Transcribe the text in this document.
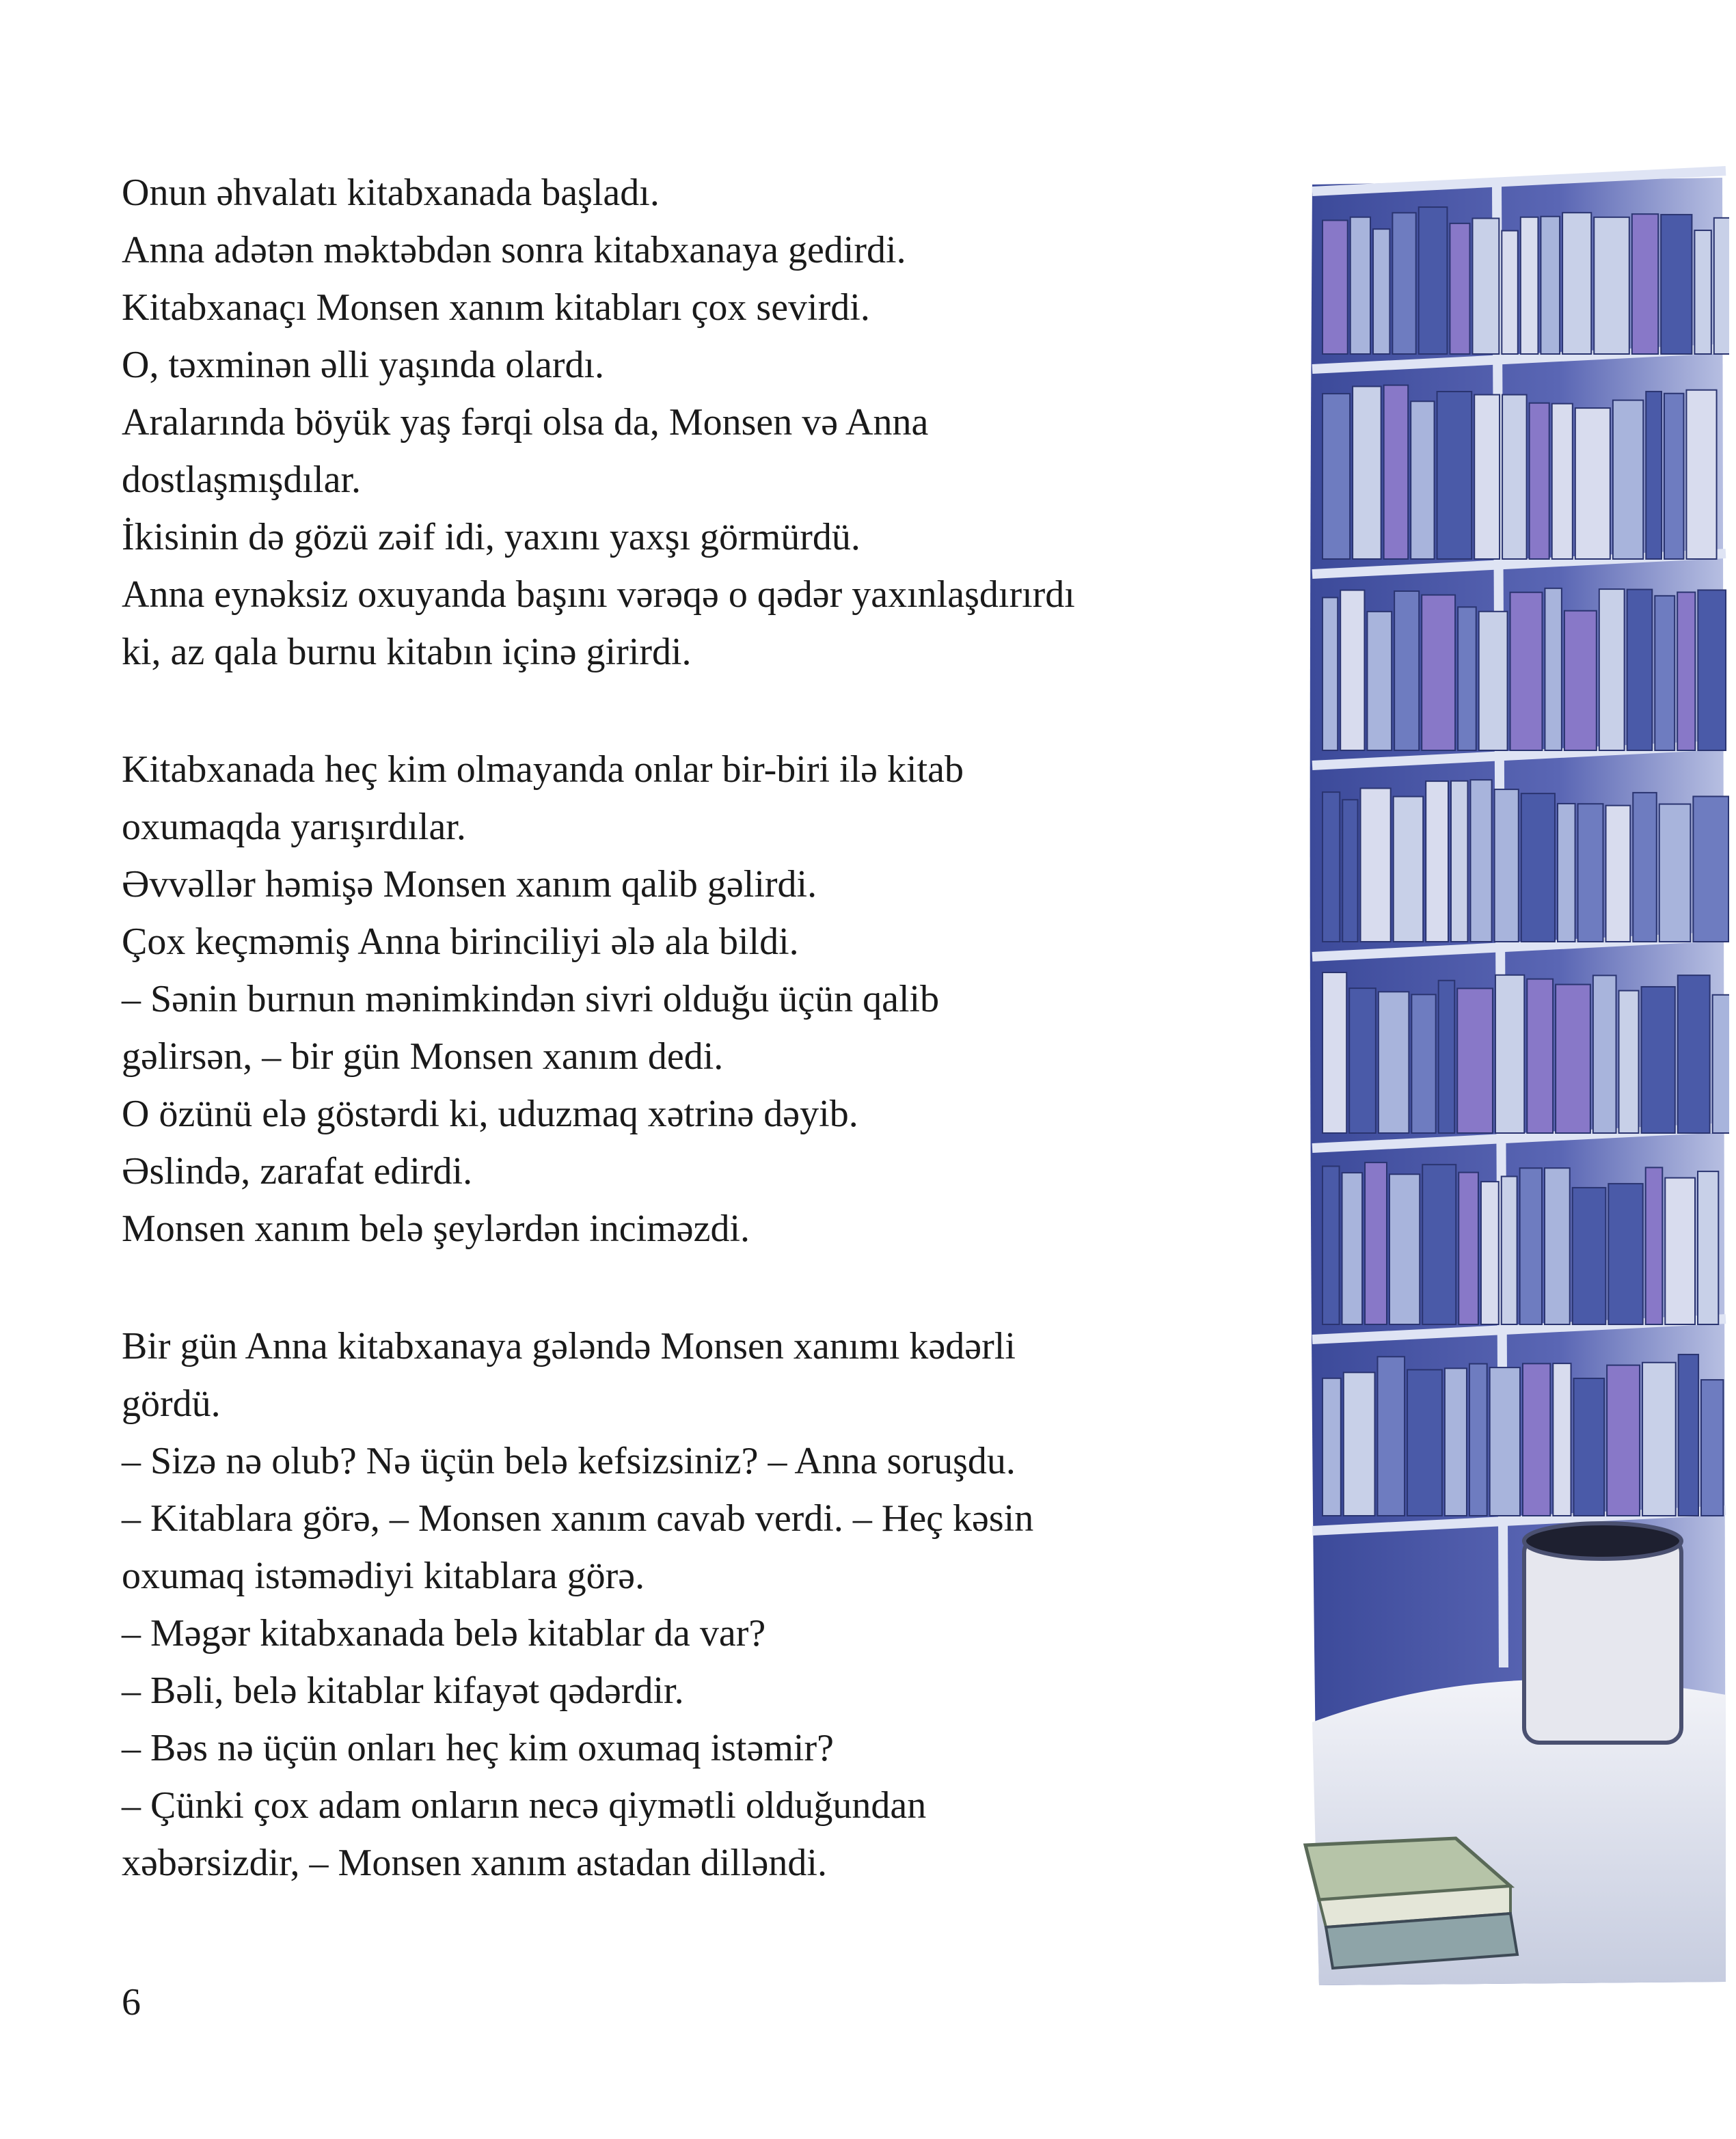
Onun əhvalatı kitabxanada başladı.

Anna adətən məktəbdən sonra kitabxanaya gedirdi.

Kitabxanaçı Monsen xanım kitabları çox sevirdi.

O, təxminən əlli yaşında olardı.

Aralarında böyük yaş fərqi olsa da, Monsen və Anna

dostlaşmışdılar.

İkisinin də gözü zəif idi, yaxını yaxşı görmürdü.

Anna eynəksiz oxuyanda başını vərəqə o qədər yaxınlaşdırırdı

ki, az qala burnu kitabın içinə girirdi.

Kitabxanada heç kim olmayanda onlar bir-biri ilə kitab

oxumaqda yarışırdılar.

Əvvəllər həmişə Monsen xanım qalib gəlirdi.

Çox keçməmiş Anna birinciliyi ələ ala bildi.

– Sənin burnun mənimkindən sivri olduğu üçün qalib

gəlirsən, – bir gün Monsen xanım dedi.

O özünü elə göstərdi ki, uduzmaq xətrinə dəyib.

Əslində, zarafat edirdi.

Monsen xanım belə şeylərdən incimәzdi.

Bir gün Anna kitabxanaya gələndə Monsen xanımı kədərli

gördü.

– Sizə nə olub? Nə üçün belə kefsizsiniz? – Anna soruşdu.

– Kitablara görə, – Monsen xanım cavab verdi. – Heç kəsin

oxumaq istəmədiyi kitablara görə.

– Məgər kitabxanada belə kitablar da var?

– Bəli, belə kitablar kifayət qədərdir.

– Bəs nə üçün onları heç kim oxumaq istəmir?

– Çünki çox adam onların necə qiymətli olduğundan

xəbərsizdir, – Monsen xanım astadan dilləndi.

6
